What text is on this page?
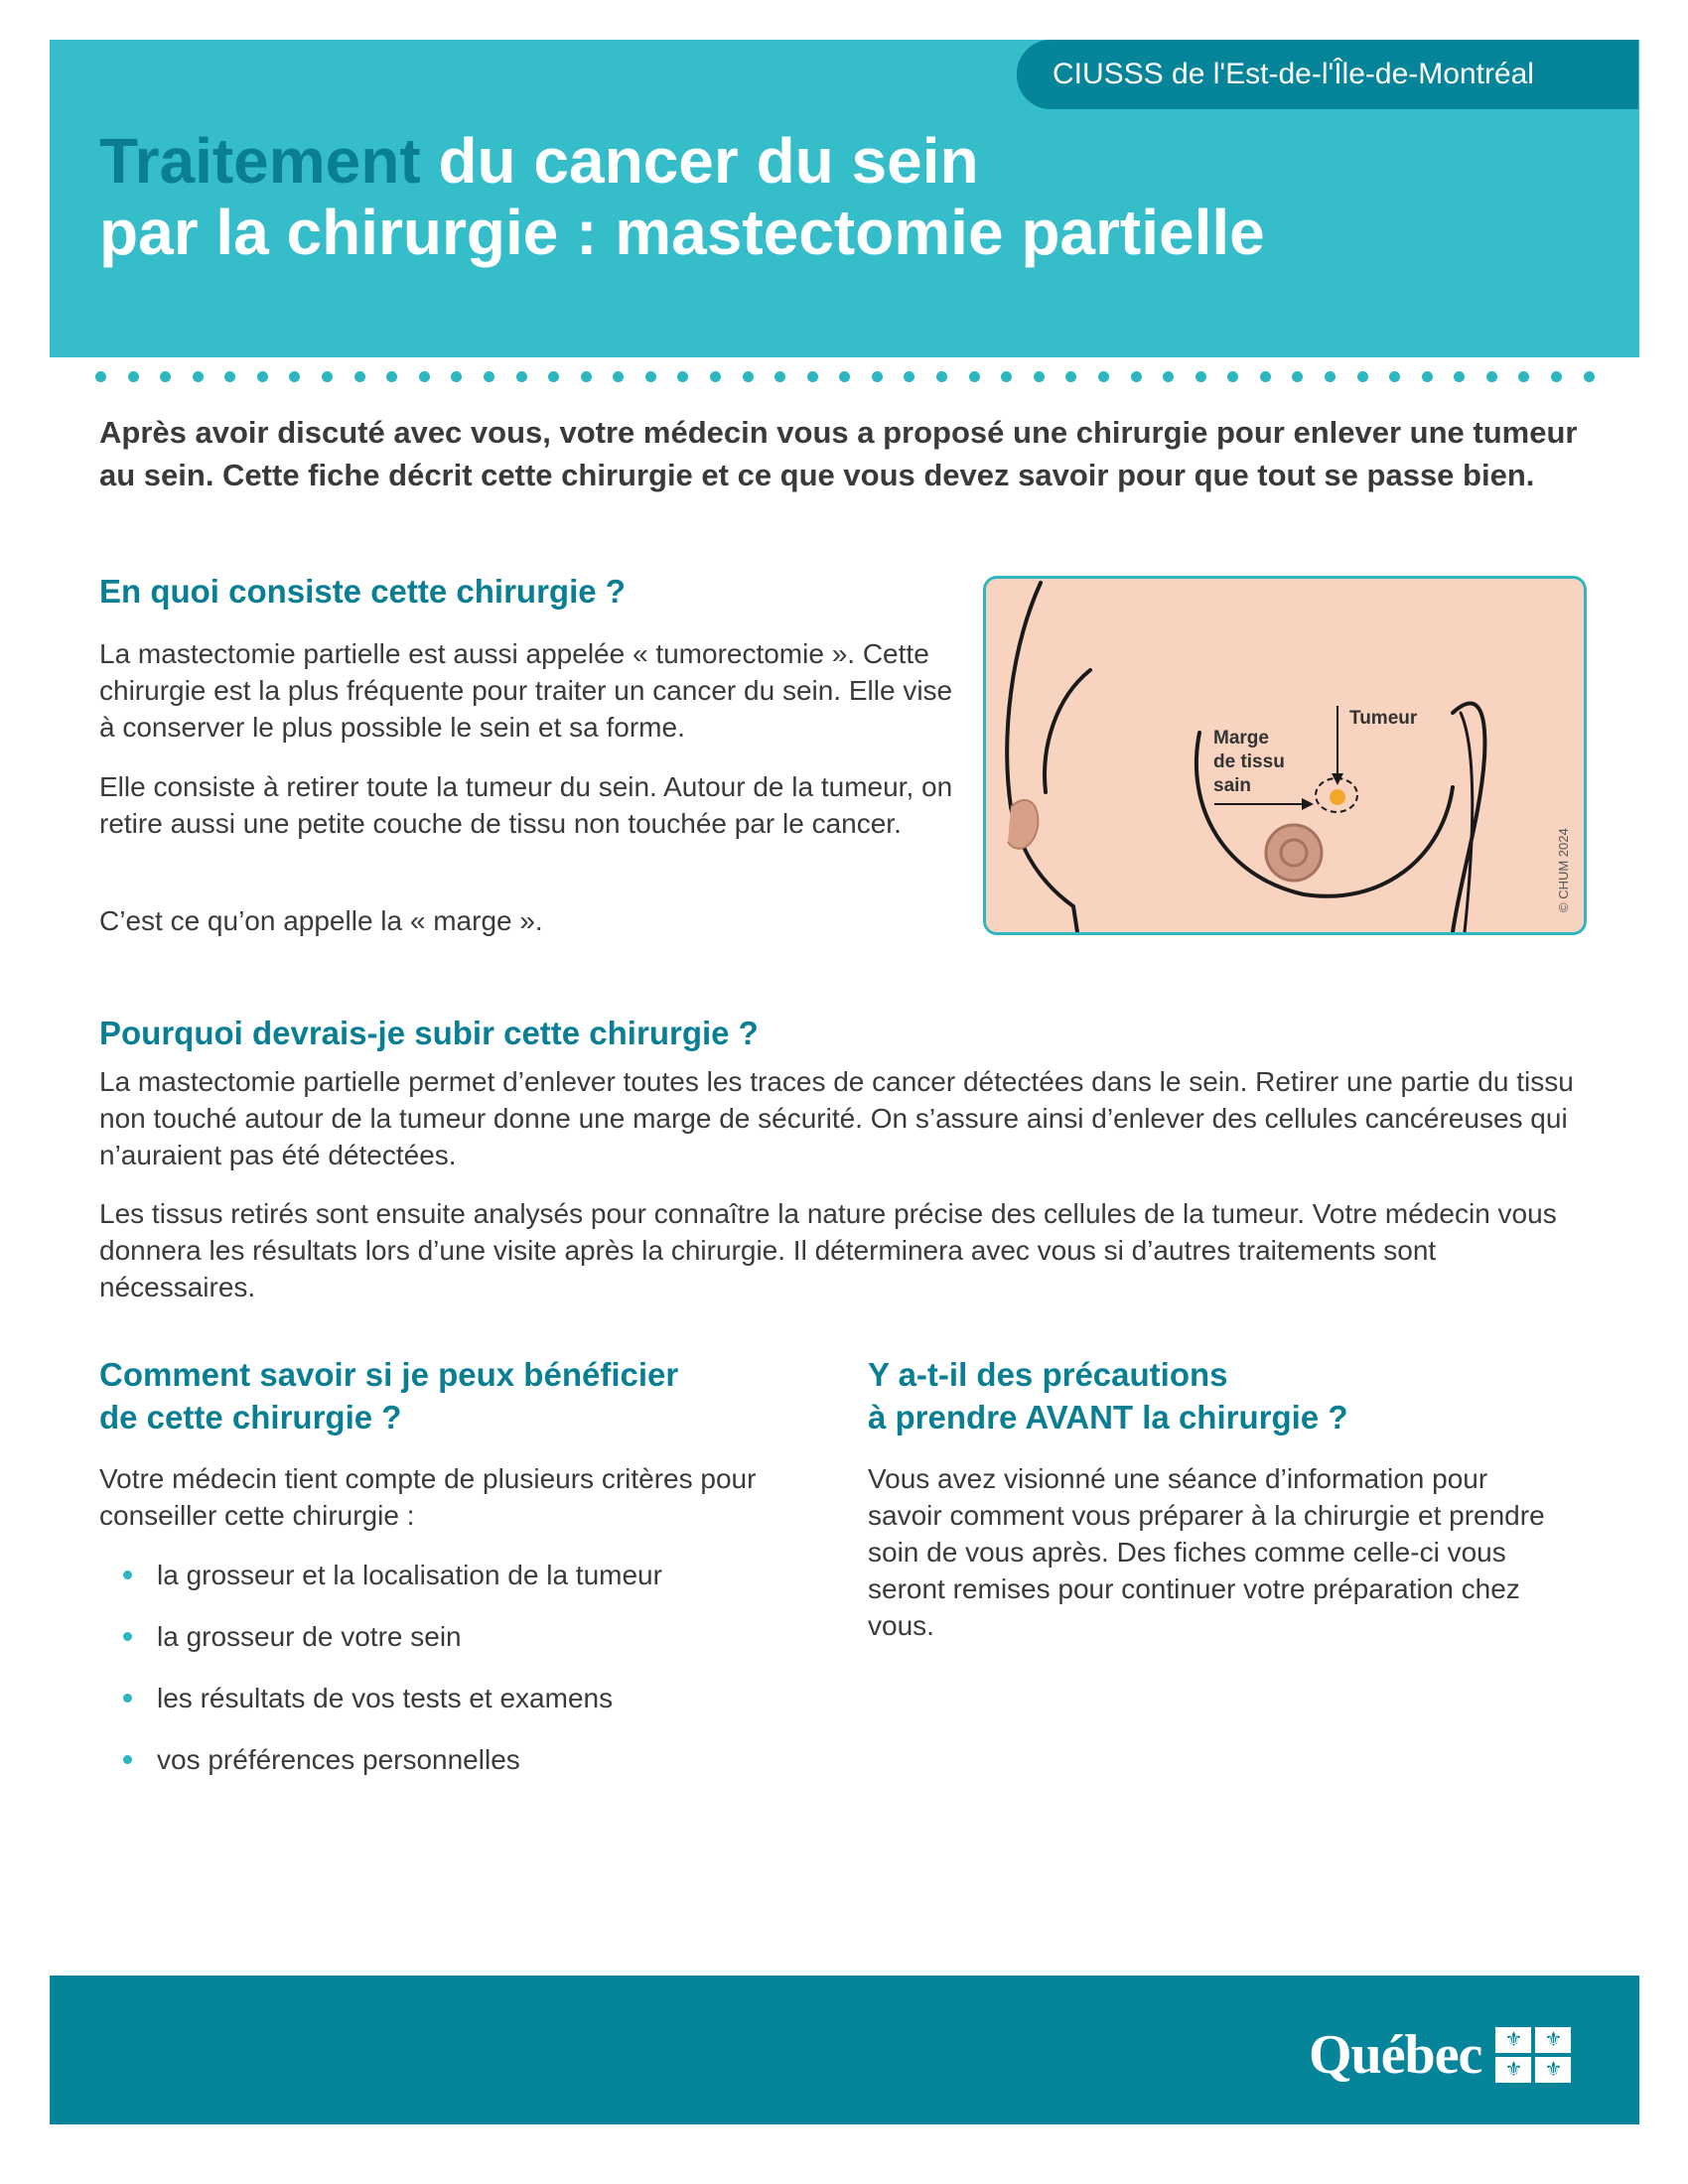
CIUSSS de l'Est-de-l'Île-de-Montréal
Traitement du cancer du sein
par la chirurgie : mastectomie partielle
Après avoir discuté avec vous, votre médecin vous a proposé une chirurgie pour enlever une tumeur au sein. Cette fiche décrit cette chirurgie et ce que vous devez savoir pour que tout se passe bien.
En quoi consiste cette chirurgie ?

La mastectomie partielle est aussi appelée « tumorectomie ». Cette chirurgie est la plus fréquente pour traiter un cancer du sein. Elle vise à conserver le plus possible le sein et sa forme.

Elle consiste à retirer toute la tumeur du sein. Autour de la tumeur, on retire aussi une petite couche de tissu non touchée par le cancer.

C’est ce qu’on appelle la « marge ».

Tumeur
Marge
de tissu
sain
© CHUM 2024
Pourquoi devrais-je subir cette chirurgie ?

La mastectomie partielle permet d’enlever toutes les traces de cancer détectées dans le sein. Retirer une partie du tissu non touché autour de la tumeur donne une marge de sécurité. On s’assure ainsi d’enlever des cellules cancéreuses qui n’auraient pas été détectées.

Les tissus retirés sont ensuite analysés pour connaître la nature précise des cellules de la tumeur. Votre médecin vous donnera les résultats lors d’une visite après la chirurgie. Il déterminera avec vous si d’autres traitements sont nécessaires.

Comment savoir si je peux bénéficier
de cette chirurgie ?

Votre médecin tient compte de plusieurs critères pour conseiller cette chirurgie :

la grosseur et la localisation de la tumeur
la grosseur de votre sein
les résultats de vos tests et examens
vos préférences personnelles
Y a-t-il des précautions
à prendre AVANT la chirurgie ?

Vous avez visionné une séance d’information pour savoir comment vous préparer à la chirurgie et prendre soin de vous après. Des fiches comme celle-ci vous seront remises pour continuer votre préparation chez vous.

Québec	⚜	⚜
⚜	⚜
